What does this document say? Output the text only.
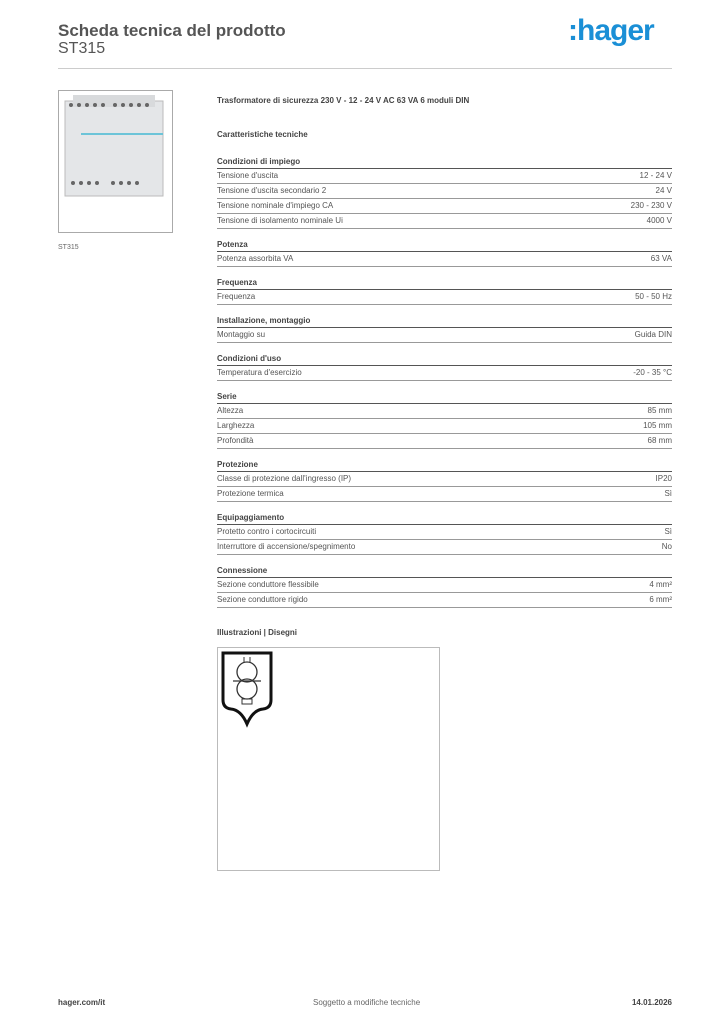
Scheda tecnica del prodotto
ST315
:hager
ST315
Trasformatore di sicurezza 230 V - 12 - 24 V AC 63 VA 6 moduli DIN
Caratteristiche tecniche
Condizioni di impiego
Tensione d'uscita	12 - 24 V
Tensione d'uscita secondario 2	24 V
Tensione nominale d'impiego CA	230 - 230 V
Tensione di isolamento nominale Ui	4000 V
Potenza
Potenza assorbita VA	63 VA
Frequenza
Frequenza	50 - 50 Hz
Installazione, montaggio
Montaggio su	Guida DIN
Condizioni d'uso
Temperatura d'esercizio	-20 - 35 °C
Serie
Altezza	85 mm
Larghezza	105 mm
Profondità	68 mm
Protezione
Classe di protezione dall'ingresso (IP)	IP20
Protezione termica	Sì
Equipaggiamento
Protetto contro i cortocircuiti	Sì
Interruttore di accensione/spegnimento	No
Connessione
Sezione conduttore flessibile	4 mm²
Sezione conduttore rigido	6 mm²
Illustrazioni | Disegni
hager.com/it	Soggetto a modifiche tecniche	14.01.2026
